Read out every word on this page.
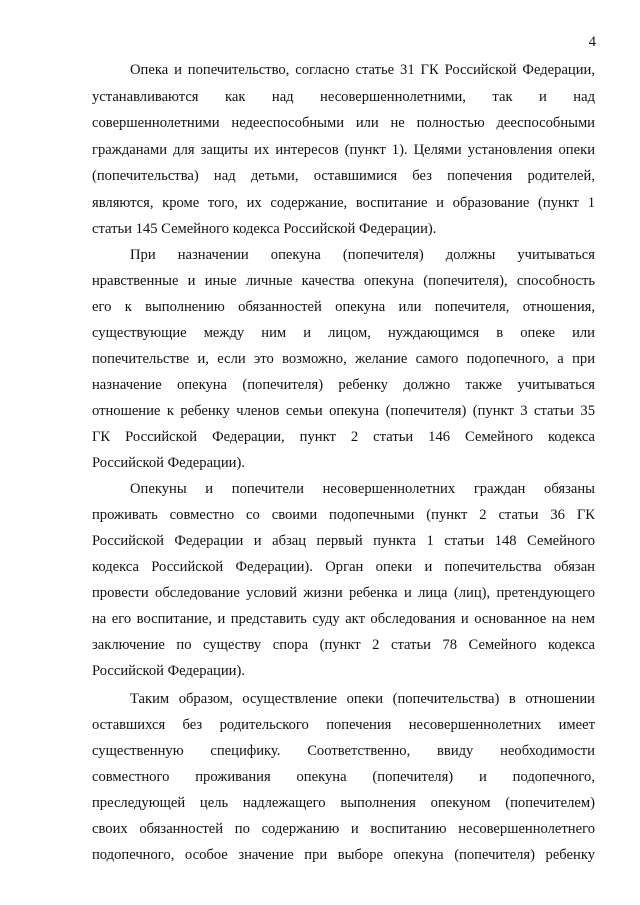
4
Опека и попечительство, согласно статье 31 ГК Российской Федерации,
устанавливаются как над несовершеннолетними, так и над
совершеннолетними недееспособными или не полностью дееспособными
гражданами для защиты их интересов (пункт 1). Целями установления опеки
(попечительства) над детьми, оставшимися без попечения родителей,
являются, кроме того, их содержание, воспитание и образование (пункт 1
статьи 145 Семейного кодекса Российской Федерации).
При назначении опекуна (попечителя) должны учитываться
нравственные и иные личные качества опекуна (попечителя), способность
его к выполнению обязанностей опекуна или попечителя, отношения,
существующие между ним и лицом, нуждающимся в опеке или
попечительстве и, если это возможно, желание самого подопечного, а при
назначение опекуна (попечителя) ребенку должно также учитываться
отношение к ребенку членов семьи опекуна (попечителя) (пункт 3 статьи 35
ГК Российской Федерации, пункт 2 статьи 146 Семейного кодекса
Российской Федерации).
Опекуны и попечители несовершеннолетних граждан обязаны
проживать совместно со своими подопечными (пункт 2 статьи 36 ГК
Российской Федерации и абзац первый пункта 1 статьи 148 Семейного
кодекса Российской Федерации). Орган опеки и попечительства обязан
провести обследование условий жизни ребенка и лица (лиц), претендующего
на его воспитание, и представить суду акт обследования и основанное на нем
заключение по существу спора (пункт 2 статьи 78 Семейного кодекса
Российской Федерации).
Таким образом, осуществление опеки (попечительства) в отношении
оставшихся без родительского попечения несовершеннолетних имеет
существенную специфику. Соответственно, ввиду необходимости
совместного проживания опекуна (попечителя) и подопечного,
преследующей цель надлежащего выполнения опекуном (попечителем)
своих обязанностей по содержанию и воспитанию несовершеннолетнего
подопечного, особое значение при выборе опекуна (попечителя) ребенку
